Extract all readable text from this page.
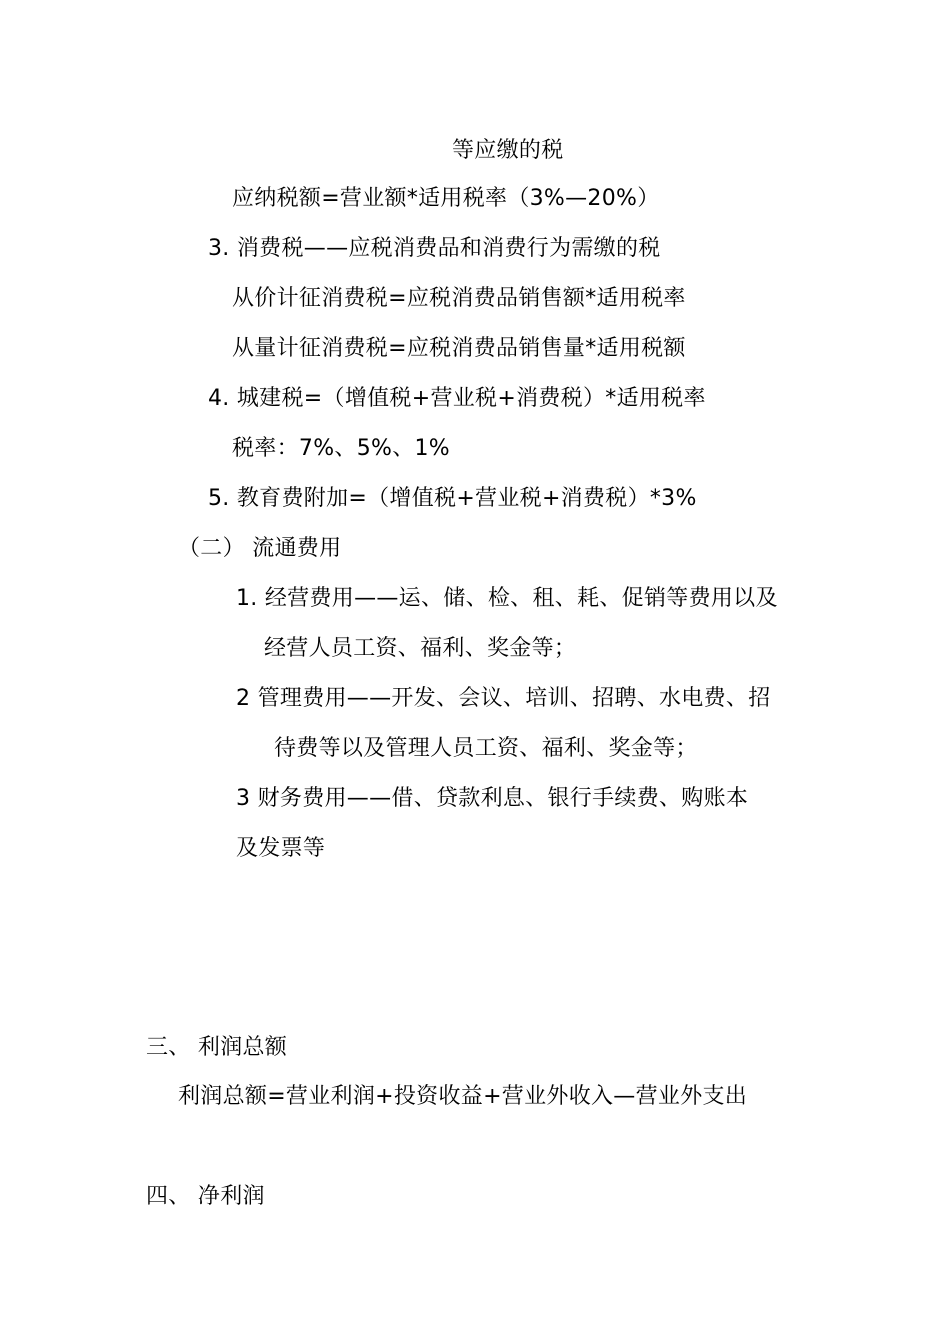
等应缴的税
应纳税额=营业额*适用税率（3%—20%）
3. 消费税——应税消费品和消费行为需缴的税
从价计征消费税=应税消费品销售额*适用税率
从量计征消费税=应税消费品销售量*适用税额
4. 城建税=（增值税+营业税+消费税）*适用税率
税率：7%、5%、1%
5. 教育费附加=（增值税+营业税+消费税）*3%
（二） 流通费用
1. 经营费用——运、储、检、租、耗、促销等费用以及
经营人员工资、福利、奖金等；
2 管理费用——开发、会议、培训、招聘、水电费、招
待费等以及管理人员工资、福利、奖金等；
3 财务费用——借、贷款利息、银行手续费、购账本
及发票等
三、 利润总额
利润总额=营业利润+投资收益+营业外收入—营业外支出
四、 净利润
